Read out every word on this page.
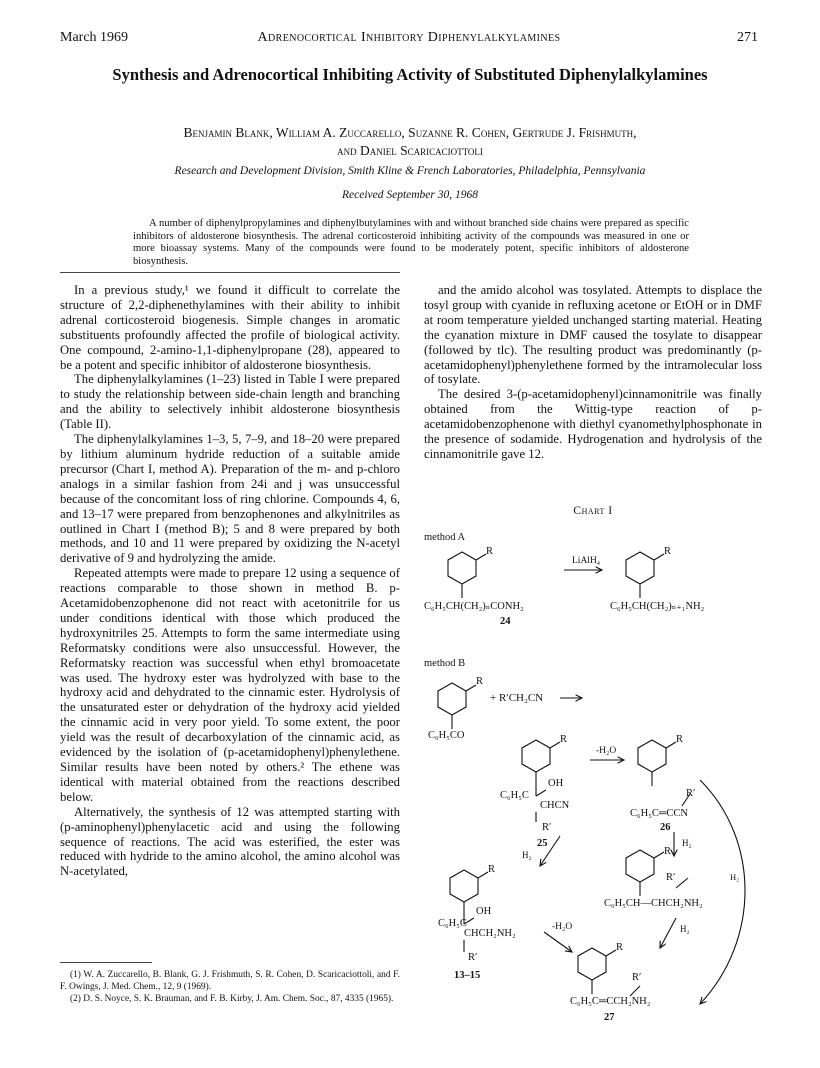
March 1969	Adrenocortical Inhibitory Diphenylalkylamines	271
Synthesis and Adrenocortical Inhibiting Activity of Substituted Diphenylalkylamines
Benjamin Blank, William A. Zuccarello, Suzanne R. Cohen, Gertrude J. Frishmuth,
and Daniel Scaricaciottoli
Research and Development Division, Smith Kline & French Laboratories, Philadelphia, Pennsylvania
Received September 30, 1968
A number of diphenylpropylamines and diphenylbutylamines with and without branched side chains were prepared as specific inhibitors of aldosterone biosynthesis. The adrenal corticosteroid inhibiting activity of the compounds was measured in one or more bioassay systems. Many of the compounds were found to be moderately potent, specific inhibitors of aldosterone biosynthesis.

In a previous study,¹ we found it difficult to correlate the structure of 2,2-diphenethylamines with their ability to inhibit adrenal corticosteroid biogenesis. Simple changes in aromatic substituents profoundly affected the profile of biological activity. One compound, 2-amino-1,1-diphenylpropane (28), appeared to be a potent and specific inhibitor of aldosterone biosynthesis.

The diphenylalkylamines (1–23) listed in Table I were prepared to study the relationship between side-chain length and branching and the ability to selectively inhibit aldosterone biosynthesis (Table II).

The diphenylalkylamines 1–3, 5, 7–9, and 18–20 were prepared by lithium aluminum hydride reduction of a suitable amide precursor (Chart I, method A). Preparation of the m- and p-chloro analogs in a similar fashion from 24i and j was unsuccessful because of the concomitant loss of ring chlorine. Compounds 4, 6, and 13–17 were prepared from benzophenones and alkylnitriles as outlined in Chart I (method B); 5 and 8 were prepared by both methods, and 10 and 11 were prepared by oxidizing the N-acetyl derivative of 9 and hydrolyzing the amide.

Repeated attempts were made to prepare 12 using a sequence of reactions comparable to those shown in method B. p-Acetamidobenzophenone did not react with acetonitrile for us under conditions identical with those which produced the hydroxynitriles 25. Attempts to form the same intermediate using Reformatsky conditions were also unsuccessful. However, the Reformatsky reaction was successful when ethyl bromoacetate was used. The hydroxy ester was hydrolyzed with base to the hydroxy acid and dehydrated to the cinnamic ester. Hydrolysis of the unsaturated ester or dehydration of the hydroxy acid yielded the cinnamic acid in very poor yield. To some extent, the poor yield was the result of decarboxylation of the cinnamic acid, as evidenced by the isolation of (p-acetamidophenyl)phenylethene. Similar results have been noted by others.² The ethene was identical with material obtained from the reactions described below.

Alternatively, the synthesis of 12 was attempted starting with (p-aminophenyl)phenylacetic acid and using the following sequence of reactions. The acid was esterified, the ester was reduced with hydride to the amino alcohol, the amino alcohol was N-acetylated,

and the amido alcohol was tosylated. Attempts to displace the tosyl group with cyanide in refluxing acetone or EtOH or in DMF at room temperature yielded unchanged starting material. Heating the cyanation mixture in DMF caused the tosylate to disappear (followed by tlc). The resulting product was predominantly (p-acetamidophenyl)phenylethene formed by the intramolecular loss of tosylate.

The desired 3-(p-acetamidophenyl)cinnamonitrile was finally obtained from the Wittig-type reaction of p-acetamidobenzophenone with diethyl cyanomethylphosphonate in the presence of sodamide. Hydrogenation and hydrolysis of the cinnamonitrile gave 12.

(1) W. A. Zuccarello, B. Blank, G. J. Frishmuth, S. R. Cohen, D. Scaricaciottoli, and F. F. Owings, J. Med. Chem., 12, 9 (1969).

(2) D. S. Noyce, S. K. Brauman, and F. B. Kirby, J. Am. Chem. Soc., 87, 4335 (1965).

Chart I
method A
R
LiAlH₄
R
C₆H₅CH(CH₂)ₙCONH₂	C₆H₅CH(CH₂)ₙ₊₁NH₂
24
method B
R
+ R′CH₂CN
C₆H₅CO	R
C₆H₅C
OH
CHCN
R′
25
-H₂O
R
R′
C₆H₅C═CCN
26
H₂
H₂
H₂	R
R′
C₆H₅CH—CHCH₂NH₂
R
C₆H₅C
OH
CHCH₂NH₂
R′
13–15
-H₂O	H₂
R
R′
C₆H₅C═CCH₂NH₂
27
